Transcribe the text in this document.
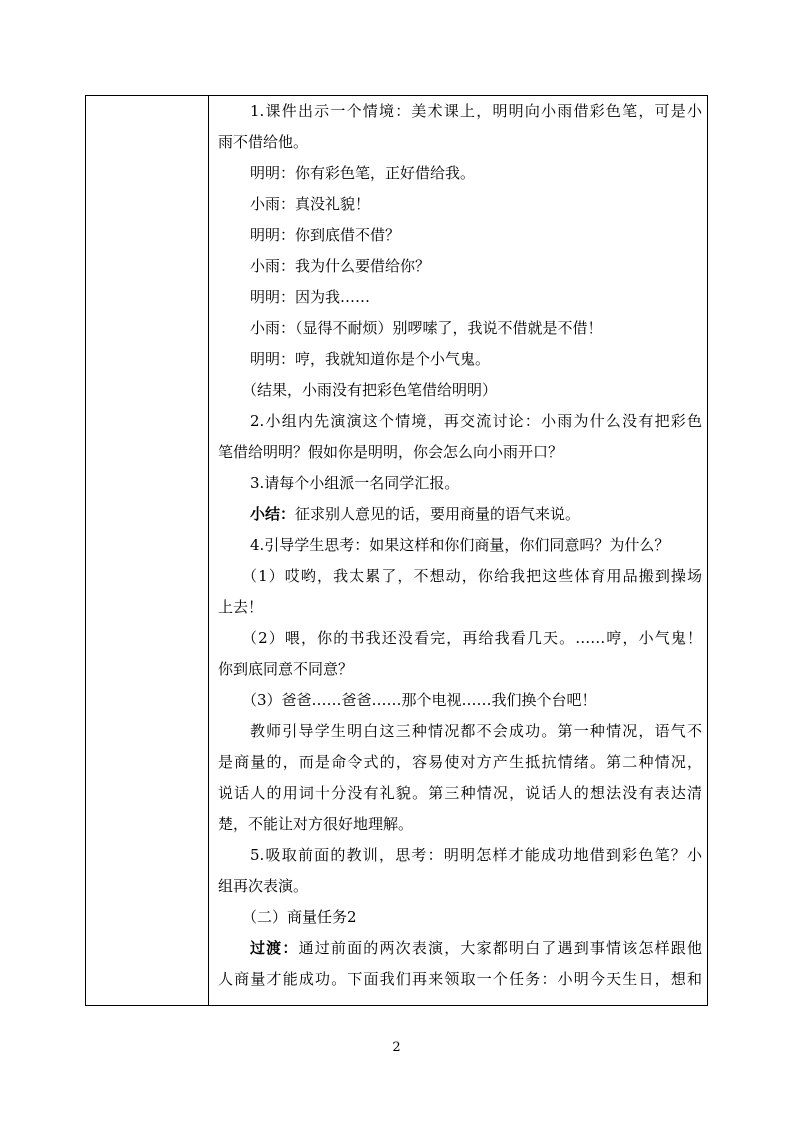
1.课件出示一个情境：美术课上，明明向小雨借彩色笔，可是小
雨不借给他。
明明：你有彩色笔，正好借给我。
小雨：真没礼貌！
明明：你到底借不借？
小雨：我为什么要借给你？
明明：因为我……
小雨：（显得不耐烦）别啰嗦了，我说不借就是不借！
明明：哼，我就知道你是个小气鬼。
（结果，小雨没有把彩色笔借给明明）
2.小组内先演演这个情境，再交流讨论：小雨为什么没有把彩色
笔借给明明？假如你是明明，你会怎么向小雨开口？
3.请每个小组派一名同学汇报。
小结：征求别人意见的话，要用商量的语气来说。
4.引导学生思考：如果这样和你们商量，你们同意吗？为什么？
（1）哎哟，我太累了，不想动，你给我把这些体育用品搬到操场
上去！
（2）喂，你的书我还没看完，再给我看几天。……哼，小气鬼！
你到底同意不同意？
（3）爸爸……爸爸……那个电视……我们换个台吧！
教师引导学生明白这三种情况都不会成功。第一种情况，语气不
是商量的，而是命令式的，容易使对方产生抵抗情绪。第二种情况，
说话人的用词十分没有礼貌。第三种情况，说话人的想法没有表达清
楚，不能让对方很好地理解。
5.吸取前面的教训，思考：明明怎样才能成功地借到彩色笔？小
组再次表演。
（二）商量任务2
过渡：通过前面的两次表演，大家都明白了遇到事情该怎样跟他
人商量才能成功。下面我们再来领取一个任务：小明今天生日，想和
2
